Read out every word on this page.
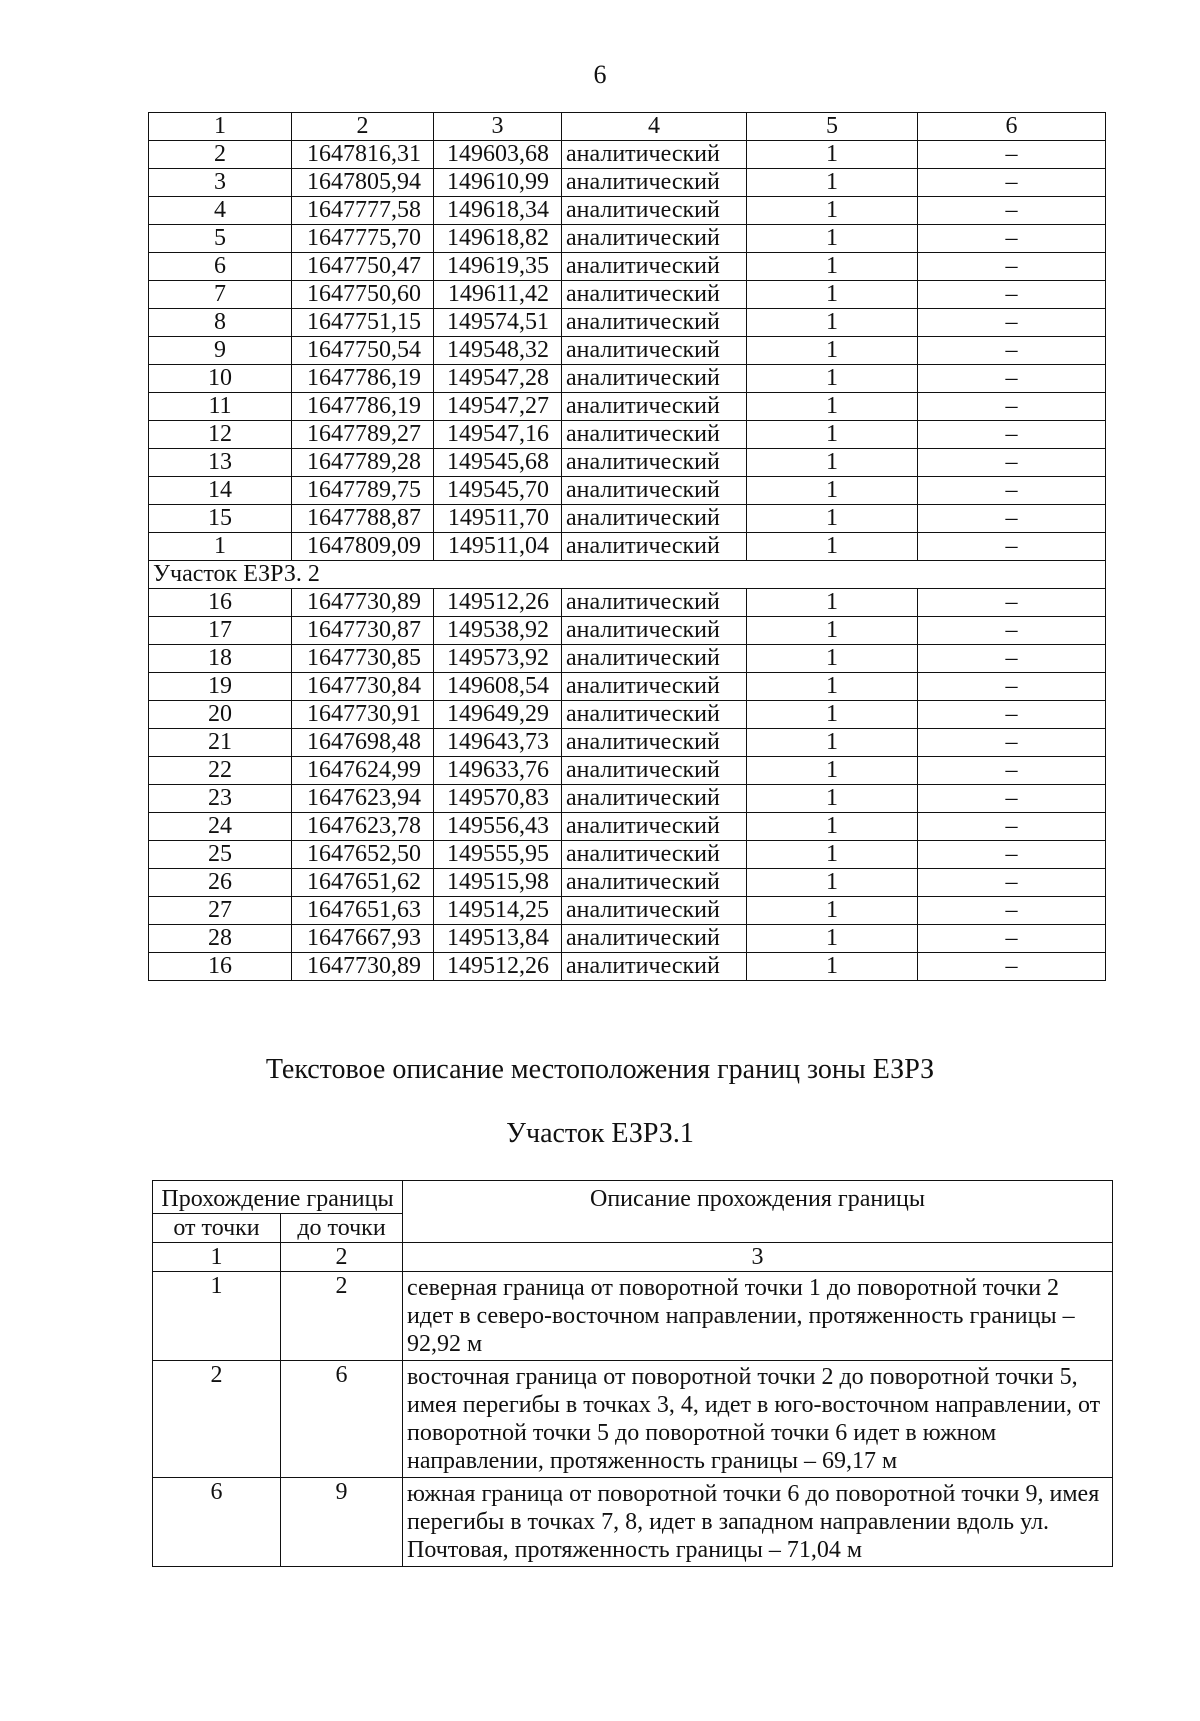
6
1	2	3	4	5	6
2	1647816,31	149603,68	аналитический	1	–
3	1647805,94	149610,99	аналитический	1	–
4	1647777,58	149618,34	аналитический	1	–
5	1647775,70	149618,82	аналитический	1	–
6	1647750,47	149619,35	аналитический	1	–
7	1647750,60	149611,42	аналитический	1	–
8	1647751,15	149574,51	аналитический	1	–
9	1647750,54	149548,32	аналитический	1	–
10	1647786,19	149547,28	аналитический	1	–
11	1647786,19	149547,27	аналитический	1	–
12	1647789,27	149547,16	аналитический	1	–
13	1647789,28	149545,68	аналитический	1	–
14	1647789,75	149545,70	аналитический	1	–
15	1647788,87	149511,70	аналитический	1	–
1	1647809,09	149511,04	аналитический	1	–
Участок ЕЗРЗ. 2					
16	1647730,89	149512,26	аналитический	1	–
17	1647730,87	149538,92	аналитический	1	–
18	1647730,85	149573,92	аналитический	1	–
19	1647730,84	149608,54	аналитический	1	–
20	1647730,91	149649,29	аналитический	1	–
21	1647698,48	149643,73	аналитический	1	–
22	1647624,99	149633,76	аналитический	1	–
23	1647623,94	149570,83	аналитический	1	–
24	1647623,78	149556,43	аналитический	1	–
25	1647652,50	149555,95	аналитический	1	–
26	1647651,62	149515,98	аналитический	1	–
27	1647651,63	149514,25	аналитический	1	–
28	1647667,93	149513,84	аналитический	1	–
16	1647730,89	149512,26	аналитический	1	–
Текстовое описание местоположения границ зоны ЕЗРЗ
Участок ЕЗРЗ.1
Прохождение границы		Описание прохождения границы
от точки	до точки	
1	2	3
1	2	северная граница от поворотной точки 1 до поворотной точки 2 идет в северо-восточном направлении, протяженность границы – 92,92 м
2	6	восточная граница от поворотной точки 2 до поворотной точки 5, имея перегибы в точках 3, 4, идет в юго-восточном направлении, от поворотной точки 5 до поворотной точки 6 идет в южном направлении, протяженность границы – 69,17 м
6	9	южная граница от поворотной точки 6 до поворотной точки 9, имея перегибы в точках 7, 8, идет в западном направлении вдоль ул. Почтовая, протяженность границы – 71,04 м
